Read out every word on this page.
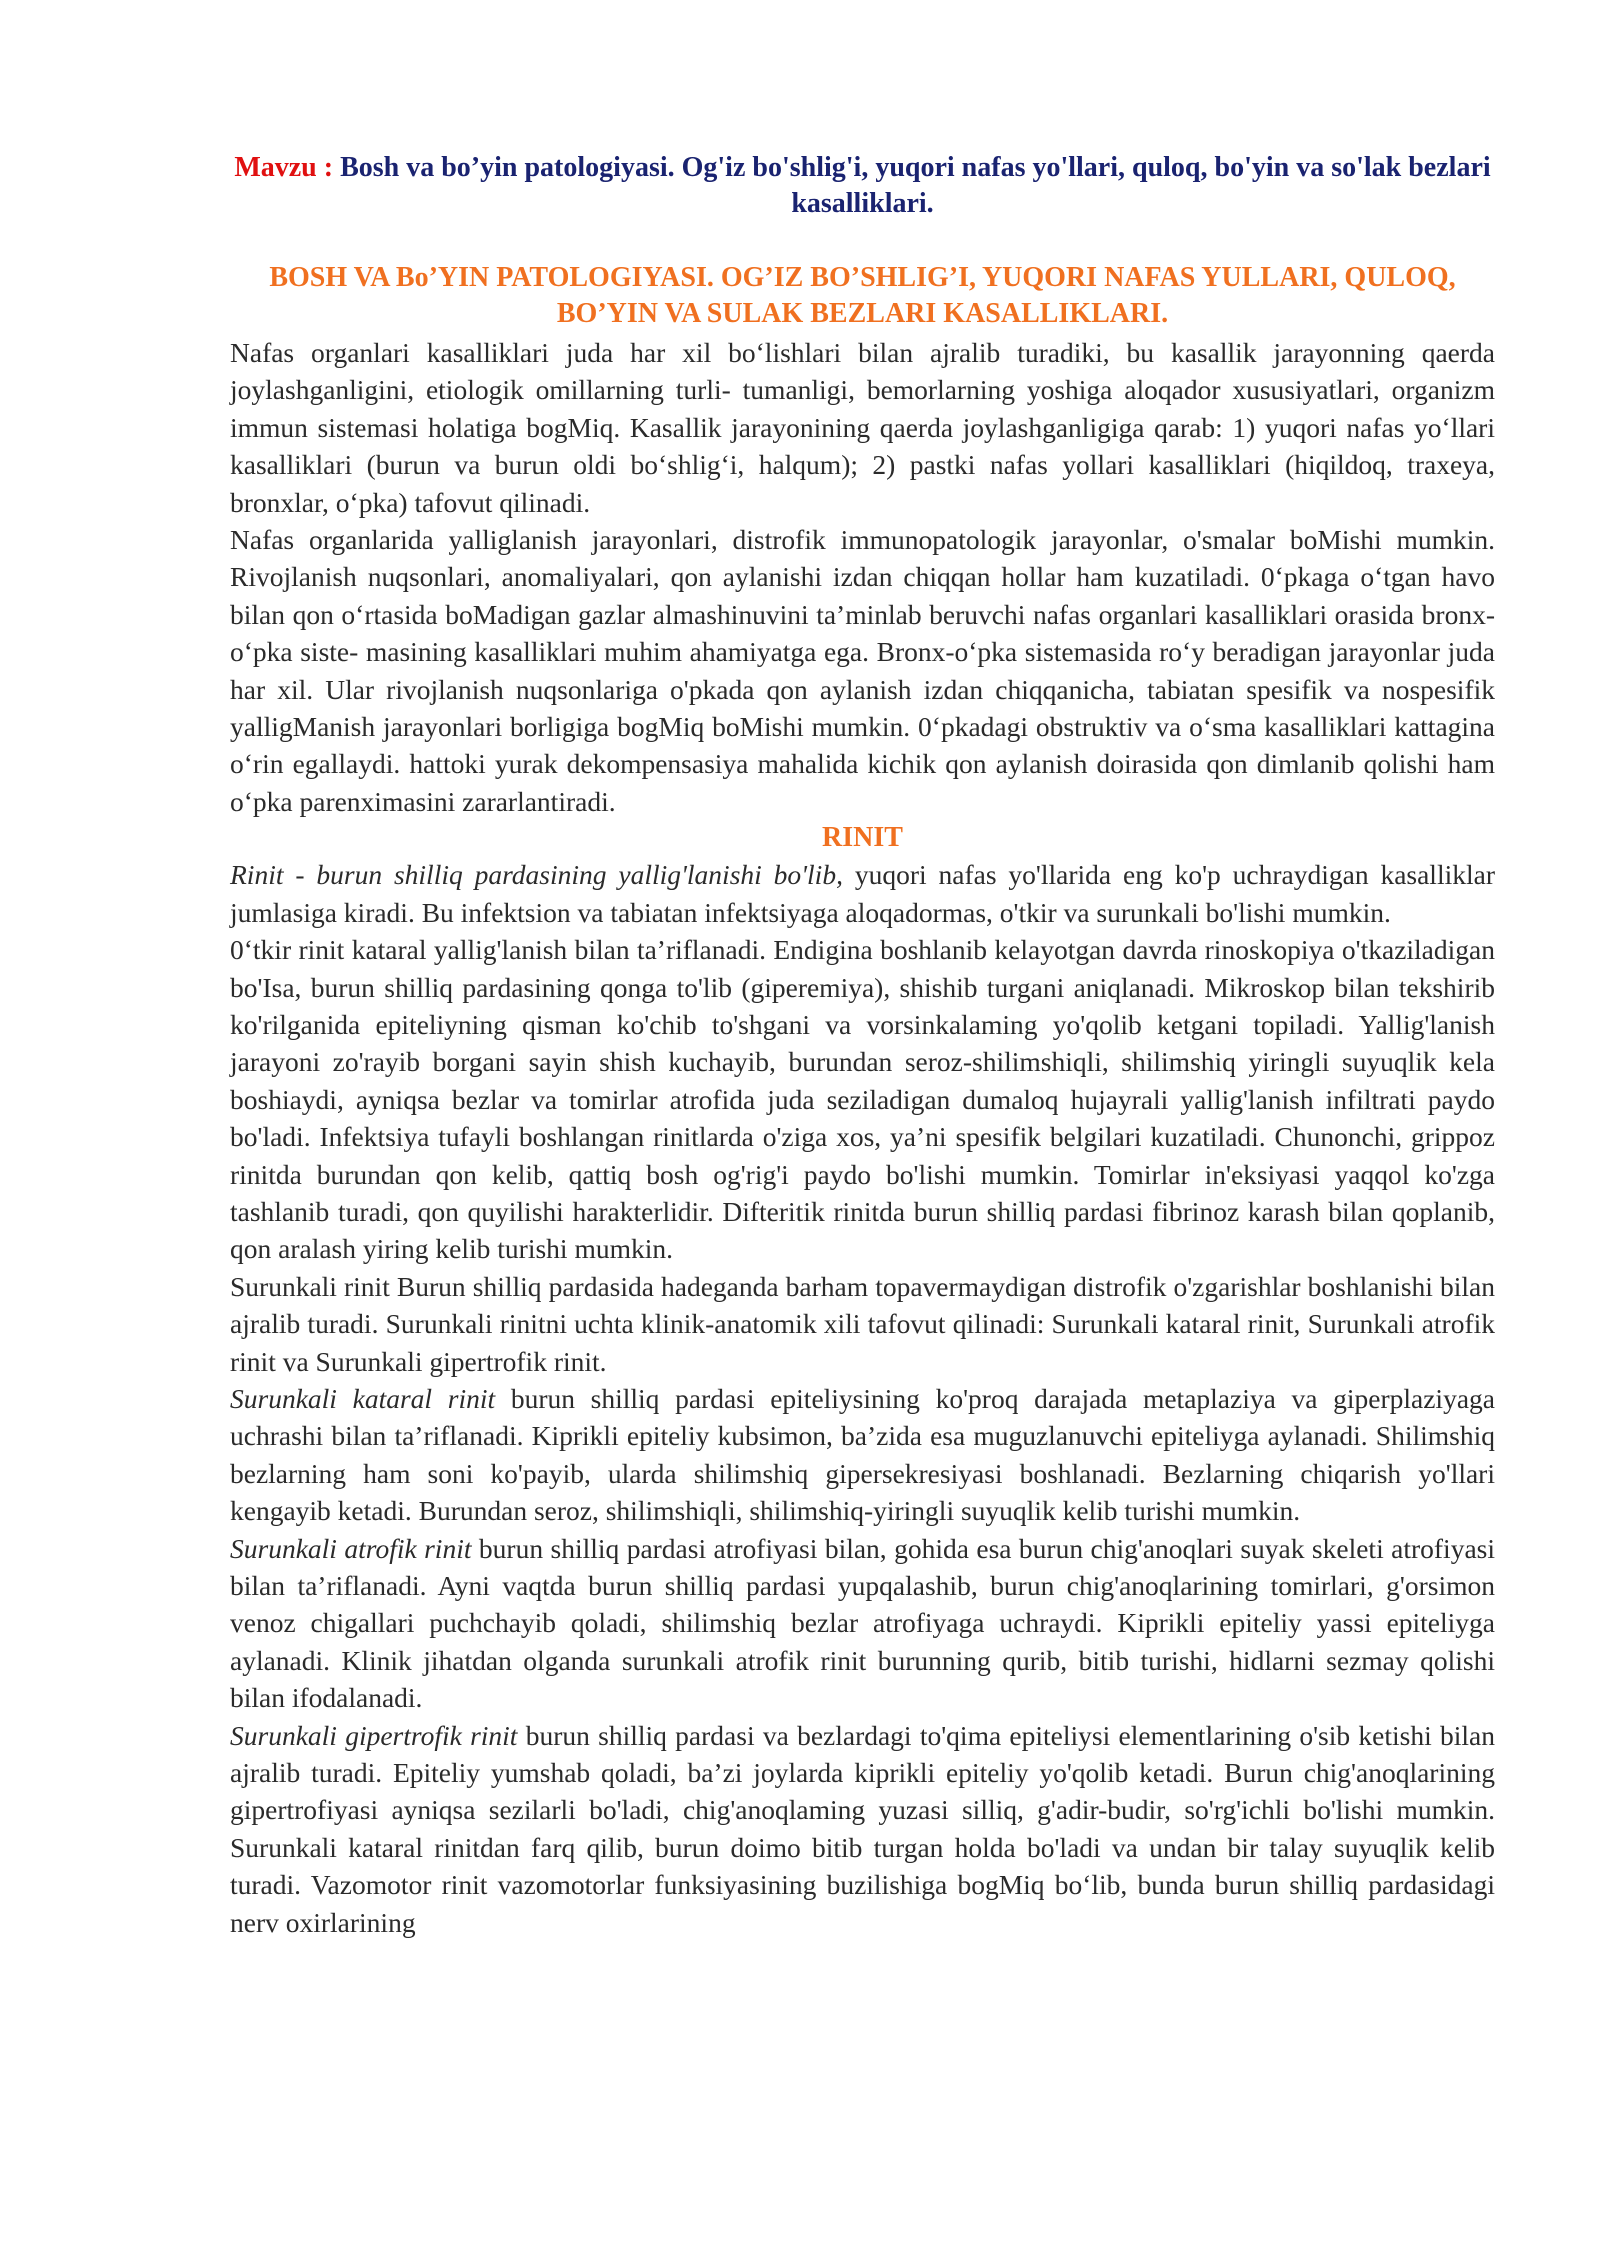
Mavzu : Bosh va bo’yin patologiyasi. Og'iz bo'shlig'i, yuqori nafas yo'llari, quloq, bo'yin va so'lak bezlari kasalliklari.
BOSH VA Bo’YIN PATOLOGIYASI. OG’IZ BO’SHLIG’I, YUQORI NAFAS YULLARI, QULOQ, BO’YIN VA SULAK BEZLARI KASALLIKLARI.

Nafas organlari kasalliklari juda har xil bo‘lishlari bilan ajralib turadiki, bu kasallik jarayonning qaerda joylashganligini, etiologik omillarning turli- tumanligi, bemorlarning yoshiga aloqador xususiyatlari, organizm immun sistemasi holatiga bogMiq. Kasallik jarayonining qaerda joylashganligiga qarab: 1) yuqori nafas yo‘llari kasalliklari (burun va burun oldi bo‘shlig‘i, halqum); 2) pastki nafas yollari kasalliklari (hiqildoq, traxeya, bronxlar, o‘pka) tafovut qilinadi.

Nafas organlarida yalliglanish jarayonlari, distrofik immunopatologik jarayonlar, o'smalar boMishi mumkin. Rivojlanish nuqsonlari, anomaliyalari, qon aylanishi izdan chiqqan hollar ham kuzatiladi. 0‘pkaga o‘tgan havo bilan qon o‘rtasida boMadigan gazlar almashinuvini ta’minlab beruvchi nafas organlari kasalliklari orasida bronx-o‘pka siste- masining kasalliklari muhim ahamiyatga ega. Bronx-o‘pka sistemasida ro‘y beradigan jarayonlar juda har xil. Ular rivojlanish nuqsonlariga o'pkada qon aylanish izdan chiqqanicha, tabiatan spesifik va nospesifik yalligManish jarayonlari borligiga bogMiq boMishi mumkin. 0‘pkadagi obstruktiv va o‘sma kasalliklari kattagina o‘rin egallaydi. hattoki yurak dekompensasiya mahalida kichik qon aylanish doirasida qon dimlanib qolishi ham o‘pka parenximasini zararlantiradi.

RINIT

Rinit - burun shilliq pardasining yallig'lanishi bo'lib, yuqori nafas yo'llarida eng ko'p uchraydigan kasalliklar jumlasiga kiradi. Bu infektsion va tabiatan infektsiyaga aloqadormas, o'tkir va surunkali bo'lishi mumkin.

0‘tkir rinit kataral yallig'lanish bilan ta’riflanadi. Endigina boshlanib kelayotgan davrda rinoskopiya o'tkaziladigan bo'Isa, burun shilliq pardasining qonga to'lib (giperemiya), shishib turgani aniqlanadi. Mikroskop bilan tekshirib ko'rilganida epiteliyning qisman ko'chib to'shgani va vorsinkalaming yo'qolib ketgani topiladi. Yallig'lanish jarayoni zo'rayib borgani sayin shish kuchayib, burundan seroz-shilimshiqli, shilimshiq yiringli suyuqlik kela boshiaydi, ayniqsa bezlar va tomirlar atrofida juda seziladigan dumaloq hujayrali yallig'lanish infiltrati paydo bo'ladi. Infektsiya tufayli boshlangan rinitlarda o'ziga xos, ya’ni spesifik belgilari kuzatiladi. Chunonchi, grippoz rinitda burundan qon kelib, qattiq bosh og'rig'i paydo bo'lishi mumkin. Tomirlar in'eksiyasi yaqqol ko'zga tashlanib turadi, qon quyilishi harakterlidir. Difteritik rinitda burun shilliq pardasi fibrinoz karash bilan qoplanib, qon aralash yiring kelib turishi mumkin.

Surunkali rinit Burun shilliq pardasida hadeganda barham topavermaydigan distrofik o'zgarishlar boshlanishi bilan ajralib turadi. Surunkali rinitni uchta klinik-anatomik xili tafovut qilinadi: Surunkali kataral rinit, Surunkali atrofik rinit va Surunkali gipertrofik rinit.

Surunkali kataral rinit burun shilliq pardasi epiteliysining ko'proq darajada metaplaziya va giperplaziyaga uchrashi bilan ta’riflanadi. Kiprikli epiteliy kubsimon, ba’zida esa muguzlanuvchi epiteliyga aylanadi. Shilimshiq bezlarning ham soni ko'payib, ularda shilimshiq gipersekresiyasi boshlanadi. Bezlarning chiqarish yo'llari kengayib ketadi. Burundan seroz, shilimshiqli, shilimshiq-yiringli suyuqlik kelib turishi mumkin.

Surunkali atrofik rinit burun shilliq pardasi atrofiyasi bilan, gohida esa burun chig'anoqlari suyak skeleti atrofiyasi bilan ta’riflanadi. Ayni vaqtda burun shilliq pardasi yupqalashib, burun chig'anoqlarining tomirlari, g'orsimon venoz chigallari puchchayib qoladi, shilimshiq bezlar atrofiyaga uchraydi. Kiprikli epiteliy yassi epiteliyga aylanadi. Klinik jihatdan olganda surunkali atrofik rinit burunning qurib, bitib turishi, hidlarni sezmay qolishi bilan ifodalanadi.

Surunkali gipertrofik rinit burun shilliq pardasi va bezlardagi to'qima epiteliysi elementlarining o'sib ketishi bilan ajralib turadi. Epiteliy yumshab qoladi, ba’zi joylarda kiprikli epiteliy yo'qolib ketadi. Burun chig'anoqlarining gipertrofiyasi ayniqsa sezilarli bo'ladi, chig'anoqlaming yuzasi silliq, g'adir-budir, so'rg'ichli bo'lishi mumkin. Surunkali kataral rinitdan farq qilib, burun doimo bitib turgan holda bo'ladi va undan bir talay suyuqlik kelib turadi. Vazomotor rinit vazomotorlar funksiyasining buzilishiga bogMiq bo‘lib, bunda burun shilliq pardasidagi nerv oxirlarining
